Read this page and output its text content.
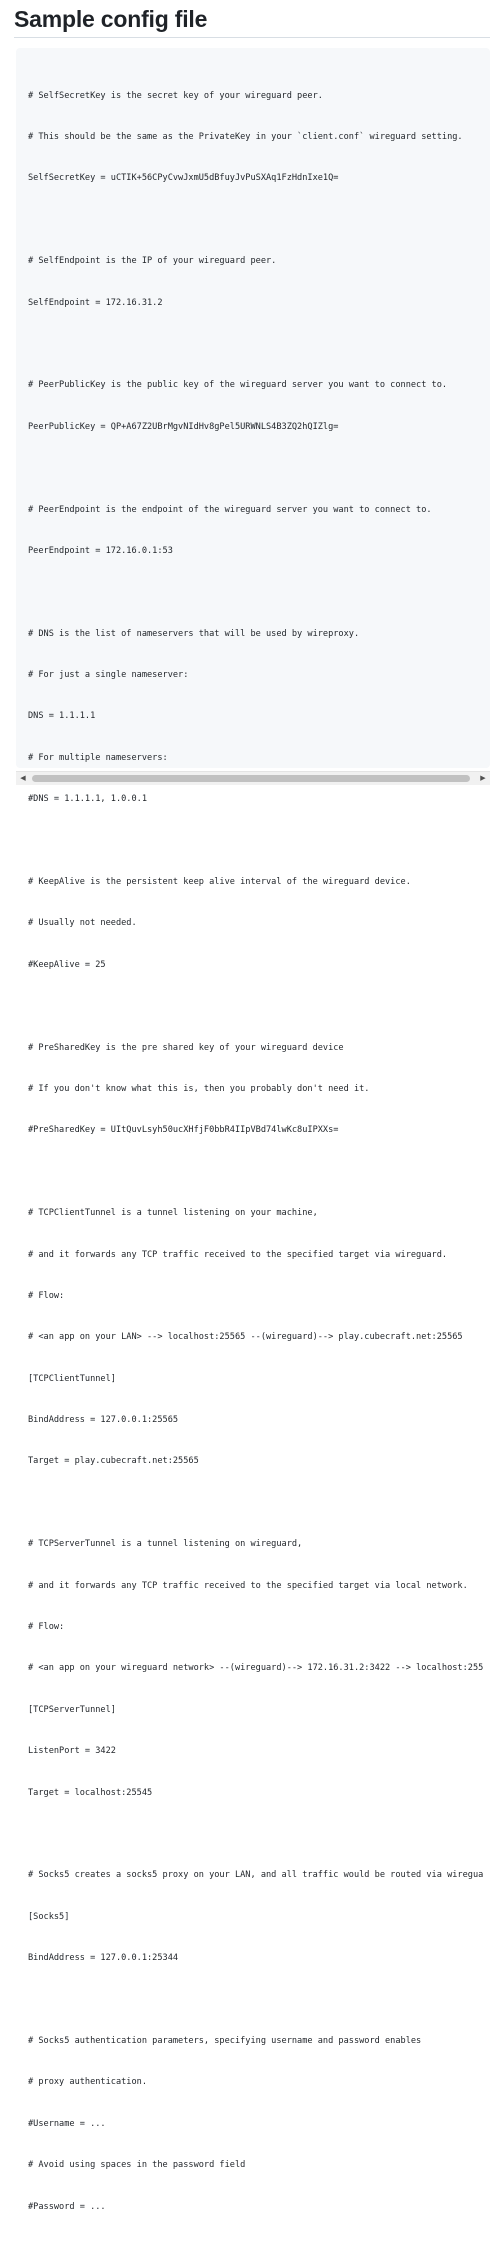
Sample config file

# SelfSecretKey is the secret key of your wireguard peer.

# This should be the same as the PrivateKey in your `client.conf` wireguard setting.

SelfSecretKey = uCTIK+56CPyCvwJxmU5dBfuyJvPuSXAq1FzHdnIxe1Q=

# SelfEndpoint is the IP of your wireguard peer.

SelfEndpoint = 172.16.31.2

# PeerPublicKey is the public key of the wireguard server you want to connect to.

PeerPublicKey = QP+A67Z2UBrMgvNIdHv8gPel5URWNLS4B3ZQ2hQIZlg=

# PeerEndpoint is the endpoint of the wireguard server you want to connect to.

PeerEndpoint = 172.16.0.1:53

# DNS is the list of nameservers that will be used by wireproxy.

# For just a single nameserver:

DNS = 1.1.1.1

# For multiple nameservers:

#DNS = 1.1.1.1, 1.0.0.1

# KeepAlive is the persistent keep alive interval of the wireguard device.

# Usually not needed.

#KeepAlive = 25

# PreSharedKey is the pre shared key of your wireguard device

# If you don't know what this is, then you probably don't need it.

#PreSharedKey = UItQuvLsyh50ucXHfjF0bbR4IIpVBd74lwKc8uIPXXs=

# TCPClientTunnel is a tunnel listening on your machine,

# and it forwards any TCP traffic received to the specified target via wireguard.

# Flow:

# <an app on your LAN> --> localhost:25565 --(wireguard)--> play.cubecraft.net:25565

[TCPClientTunnel]

BindAddress = 127.0.0.1:25565

Target = play.cubecraft.net:25565

# TCPServerTunnel is a tunnel listening on wireguard,

# and it forwards any TCP traffic received to the specified target via local network.

# Flow:

# <an app on your wireguard network> --(wireguard)--> 172.16.31.2:3422 --> localhost:255

[TCPServerTunnel]

ListenPort = 3422

Target = localhost:25545

# Socks5 creates a socks5 proxy on your LAN, and all traffic would be routed via wiregua

[Socks5]

BindAddress = 127.0.0.1:25344

# Socks5 authentication parameters, specifying username and password enables

# proxy authentication.

#Username = ...

# Avoid using spaces in the password field

#Password = ...

◀	▶
